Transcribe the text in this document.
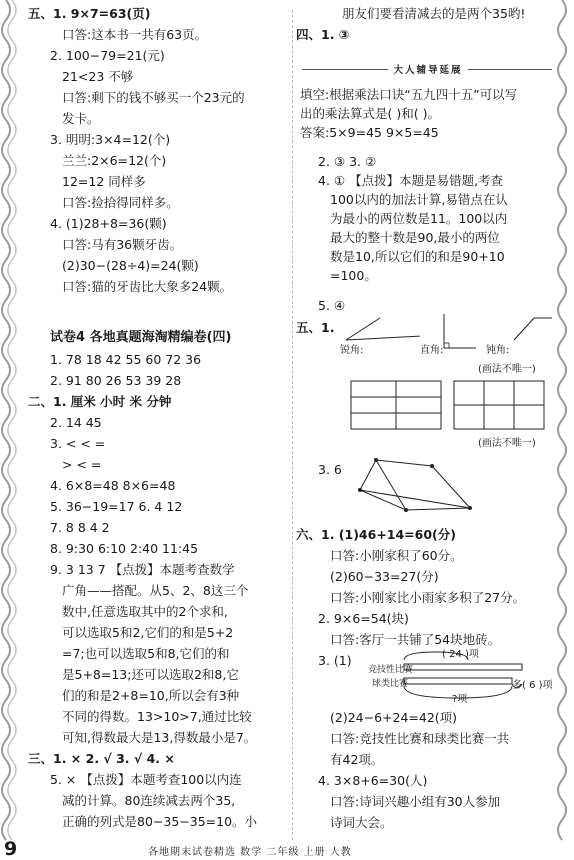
试卷4 各地真题海淘精编卷(四)
五、1. 9×7=63(页)
口答:这本书一共有63页。
2. 100−79=21(元)
21<23 不够
口答:剩下的钱不够买一个23元的
发卡。
3. 明明:3×4=12(个)
兰兰:2×6=12(个)
12=12 同样多
口答:捡拾得同样多。
4. (1)28+8=36(颗)
口答:马有36颗牙齿。
(2)30−(28÷4)=24(颗)
口答:猫的牙齿比大象多24颗。
1. 78 18 42 55 60 72 36
2. 91 80 26 53 39 28
二、1. 厘米 小时 米 分钟
2. 14 45
3. < < =
> < =
4. 6×8=48 8×6=48
5. 36−19=17 6. 4 12
7. 8 8 4 2
8. 9:30 6:10 2:40 11:45
9. 3 13 7 【点拨】本题考查数学
广角——搭配。从5、2、8这三个
数中,任意选取其中的2个求和,
可以选取5和2,它们的和是5+2
=7;也可以选取5和8,它们的和
是5+8=13;还可以选取2和8,它
们的和是2+8=10,所以会有3种
不同的得数。13>10>7,通过比较
可知,得数最大是13,得数最小是7。
三、1. × 2. √ 3. √ 4. ×
5. × 【点拨】本题考查100以内连
减的计算。80连续减去两个35,
正确的列式是80−35−35=10。小
朋友们要看清减去的是两个35哟!
四、1. ③
填空:根据乘法口诀“五九四十五”可以写
出的乘法算式是( )和( )。
答案:5×9=45 9×5=45
2. ③ 3. ②
4. ① 【点拨】本题是易错题,考查
100以内的加法计算,易错点在认
为最小的两位数是11。100以内
最大的整十数是90,最小的两位
数是10,所以它们的和是90+10
=100。
5. ④
五、1.
3. 6
六、1. (1)46+14=60(分)
口答:小刚家积了60分。
(2)60−33=27(分)
口答:小刚家比小雨家多积了27分。
2. 9×6=54(块)
口答:客厅一共铺了54块地砖。
3. (1)
(2)24−6+24=42(项)
口答:竞技性比赛和球类比赛一共
有42项。
4. 3×8+6=30(人)
口答:诗词兴趣小组有30人参加
诗词大会。
大人辅导延展
锐角:	直角:	钝角:
(画法不唯一)
(画法不唯一)
( 24 )项
竞技性比赛
球类比赛	多( 6 )项
?项
9	各地期末试卷精选 数学 二年级 上册 人教
